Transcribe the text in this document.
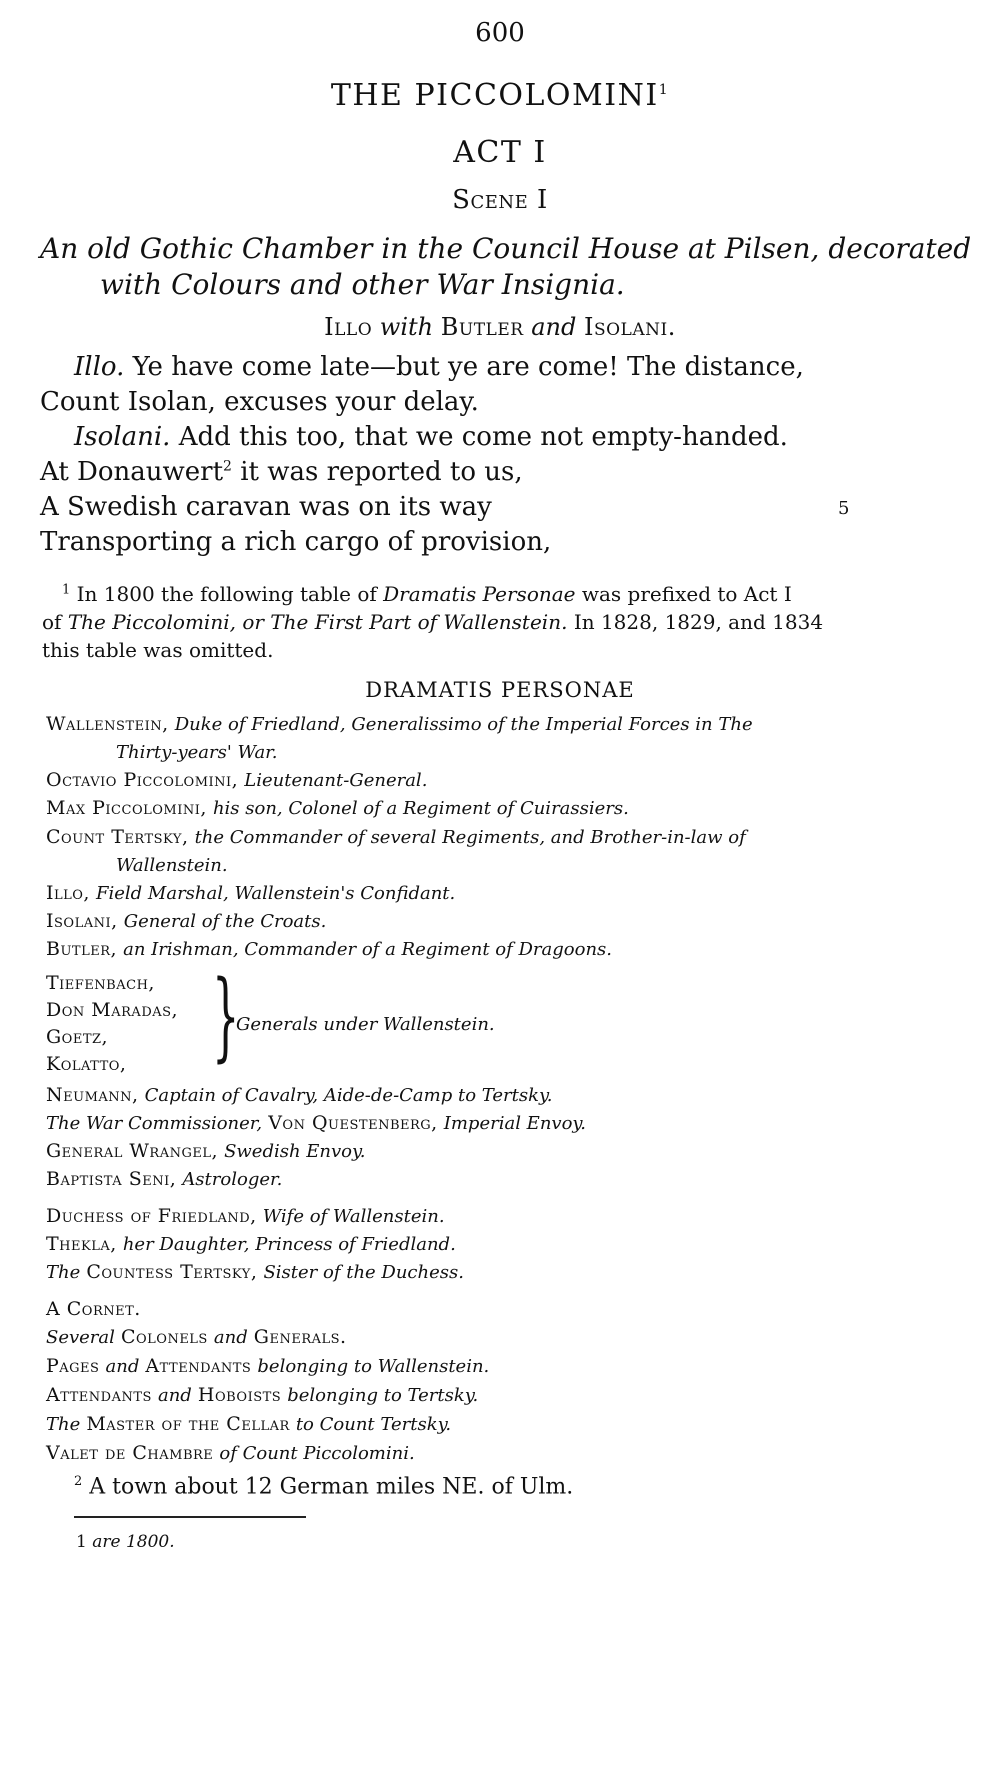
600
THE PICCOLOMINI$^1$
ACT I
Scene I
An old Gothic Chamber in the Council House at Pilsen, decorated
with Colours and other War Insignia.
Illo with Butler and Isolani.
Illo. Ye have come late—but ye are come! The distance,
Count Isolan, excuses your delay.
Isolani. Add this too, that we come not empty-handed.
At Donauwert$^2$ it was reported to us,
A Swedish caravan was on its way	5
Transporting a rich cargo of provision,
$^1$ In 1800 the following table of Dramatis Personae was prefixed to Act I
of The Piccolomini, or The First Part of Wallenstein. In 1828, 1829, and 1834
this table was omitted.
DRAMATIS PERSONAE
Wallenstein, Duke of Friedland, Generalissimo of the Imperial Forces in The
Thirty-years' War.
Octavio Piccolomini, Lieutenant-General.
Max Piccolomini, his son, Colonel of a Regiment of Cuirassiers.
Count Tertsky, the Commander of several Regiments, and Brother-in-law of
Wallenstein.
Illo, Field Marshal, Wallenstein's Confidant.
Isolani, General of the Croats.
Butler, an Irishman, Commander of a Regiment of Dragoons.
Tiefenbach,
Don Maradas,
Goetz,
Kolatto, }
Generals under Wallenstein.
Neumann, Captain of Cavalry, Aide-de-Camp to Tertsky.
The War Commissioner, Von Questenberg, Imperial Envoy.
General Wrangel, Swedish Envoy.
Baptista Seni, Astrologer.
Duchess of Friedland, Wife of Wallenstein.
Thekla, her Daughter, Princess of Friedland.
The Countess Tertsky, Sister of the Duchess.
A Cornet.
Several Colonels and Generals.
Pages and Attendants belonging to Wallenstein.
Attendants and Hoboists belonging to Tertsky.
The Master of the Cellar to Count Tertsky.
Valet de Chambre of Count Piccolomini.
$^2$ A town about 12 German miles NE. of Ulm.
1 are 1800.
